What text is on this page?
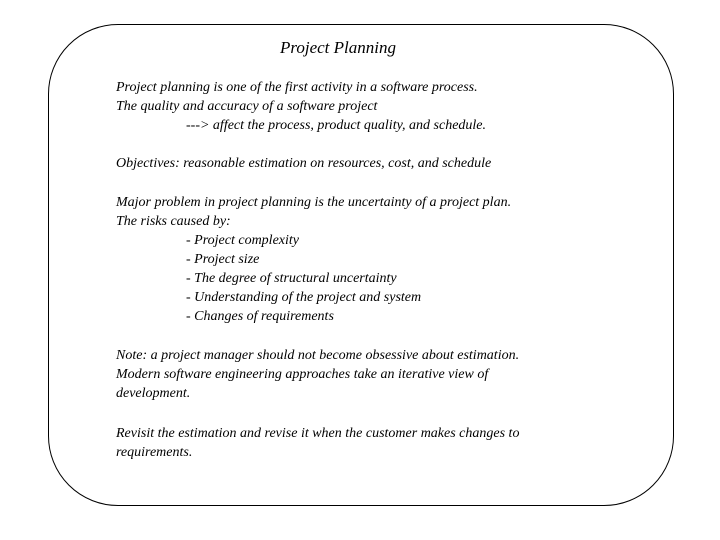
Project Planning
Project planning is one of the first activity in a software process.
The quality and accuracy of a software project
---> affect the process, product quality, and schedule.
Objectives: reasonable estimation on resources, cost, and schedule
Major problem in project planning is the uncertainty of a project plan.
The risks caused by:
- Project complexity
- Project size
- The degree of structural uncertainty
- Understanding of the project and system
- Changes of requirements
Note: a project manager should not become obsessive about estimation.
Modern software engineering approaches take an iterative view of
development.
Revisit the estimation and revise it when the customer makes changes to
requirements.
